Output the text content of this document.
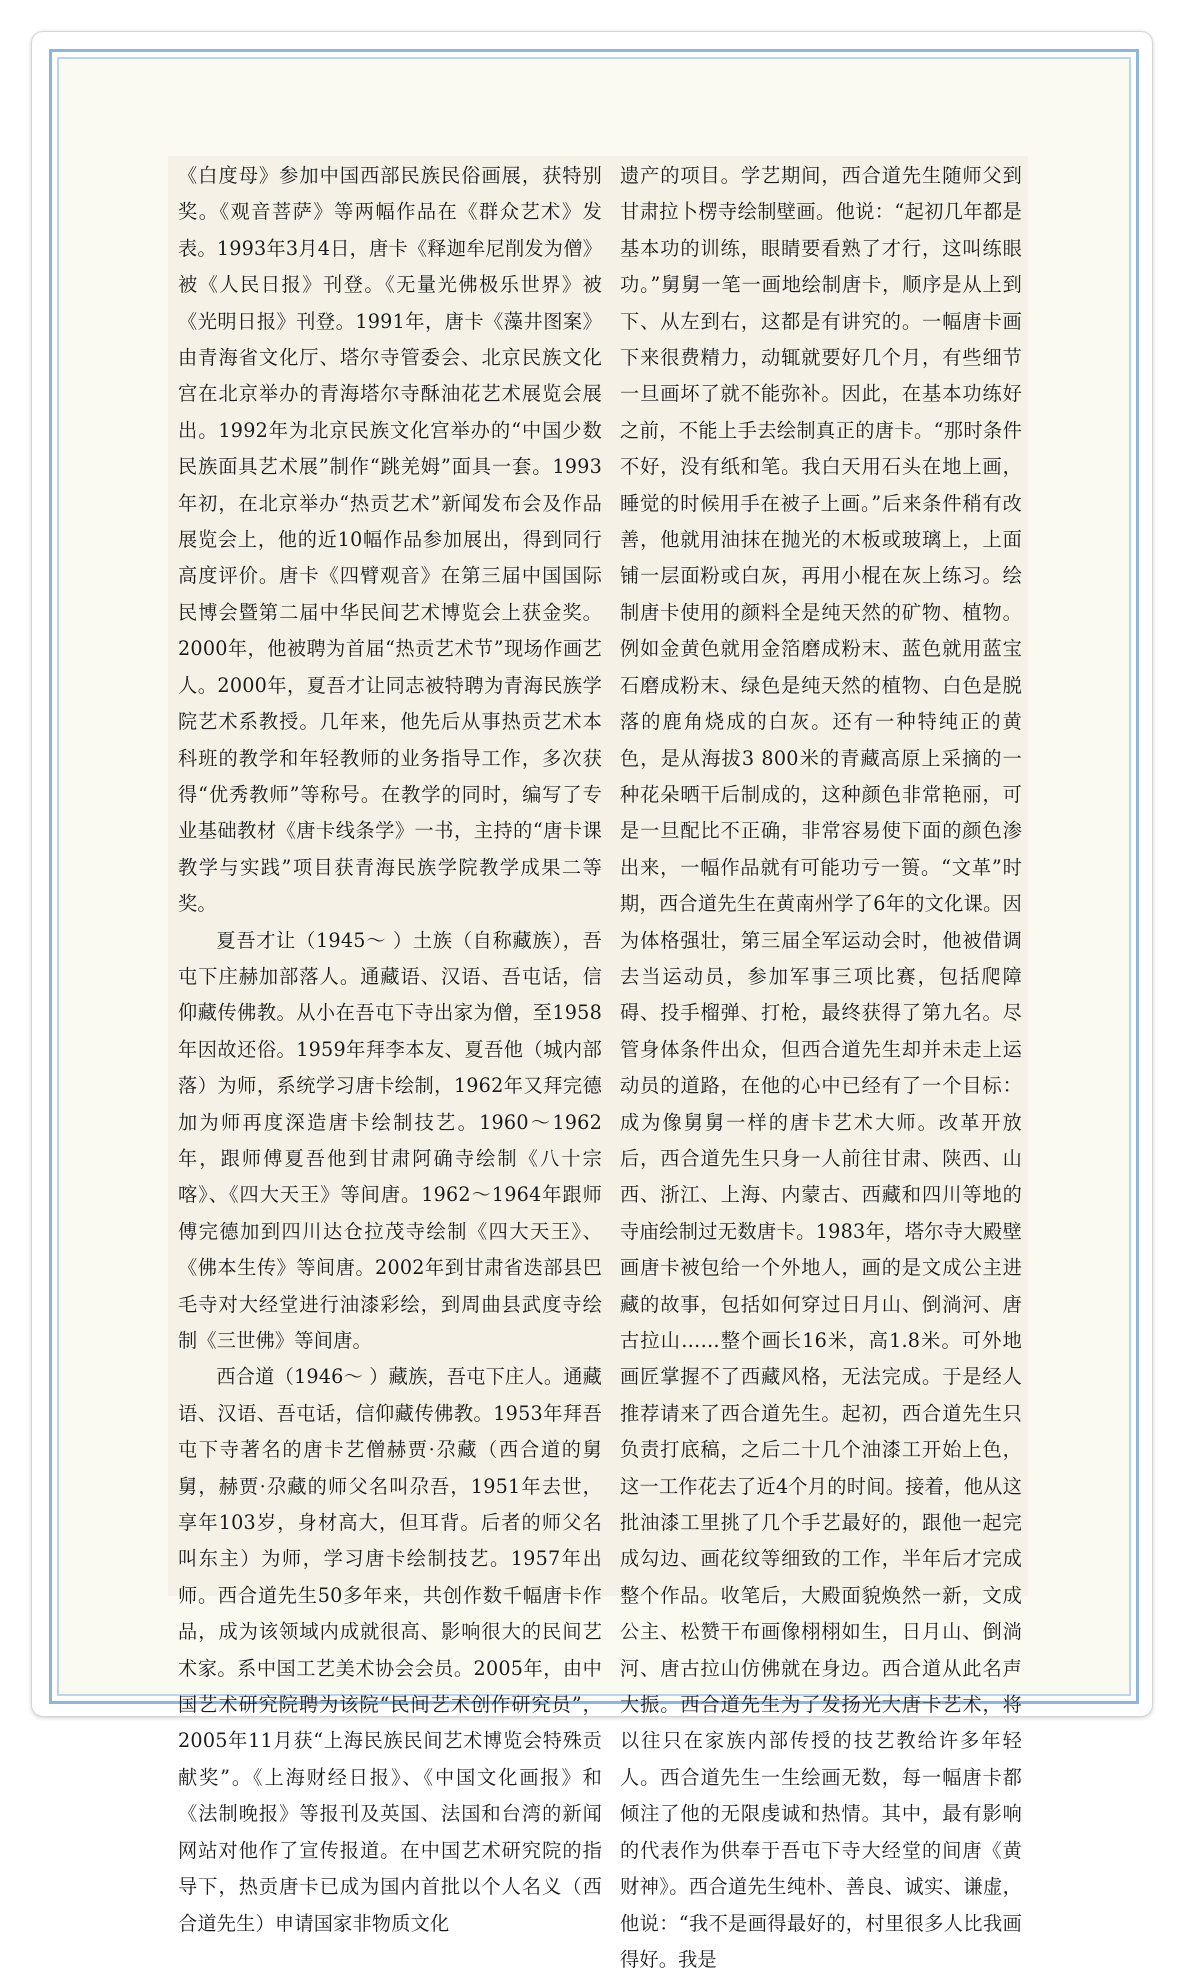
《白度母》参加中国西部民族民俗画展，获特别奖。《观音菩萨》等两幅作品在《群众艺术》发表。1993年3月4日，唐卡《释迦牟尼削发为僧》被《人民日报》刊登。《无量光佛极乐世界》被《光明日报》刊登。1991年，唐卡《藻井图案》由青海省文化厅、塔尔寺管委会、北京民族文化宫在北京举办的青海塔尔寺酥油花艺术展览会展出。1992年为北京民族文化宫举办的“中国少数民族面具艺术展”制作“跳羌姆”面具一套。1993年初，在北京举办“热贡艺术”新闻发布会及作品展览会上，他的近10幅作品参加展出，得到同行高度评价。唐卡《四臂观音》在第三届中国国际民博会暨第二届中华民间艺术博览会上获金奖。2000年，他被聘为首届“热贡艺术节”现场作画艺人。2000年，夏吾才让同志被特聘为青海民族学院艺术系教授。几年来，他先后从事热贡艺术本科班的教学和年轻教师的业务指导工作，多次获得“优秀教师”等称号。在教学的同时，编写了专业基础教材《唐卡线条学》一书，主持的“唐卡课教学与实践”项目获青海民族学院教学成果二等奖。

夏吾才让（1945～ ）土族（自称藏族），吾屯下庄赫加部落人。通藏语、汉语、吾屯话，信仰藏传佛教。从小在吾屯下寺出家为僧，至1958年因故还俗。1959年拜李本友、夏吾他（城内部落）为师，系统学习唐卡绘制，1962年又拜完德加为师再度深造唐卡绘制技艺。1960～1962年，跟师傅夏吾他到甘肃阿确寺绘制《八十宗喀》、《四大天王》等间唐。1962～1964年跟师傅完德加到四川达仓拉茂寺绘制《四大天王》、《佛本生传》等间唐。2002年到甘肃省迭部县巴毛寺对大经堂进行油漆彩绘，到周曲县武度寺绘制《三世佛》等间唐。

西合道（1946～ ）藏族，吾屯下庄人。通藏语、汉语、吾屯话，信仰藏传佛教。1953年拜吾屯下寺著名的唐卡艺僧赫贾·尕藏（西合道的舅舅，赫贾·尕藏的师父名叫尕吾，1951年去世，享年103岁，身材高大，但耳背。后者的师父名叫东主）为师，学习唐卡绘制技艺。1957年出师。西合道先生50多年来，共创作数千幅唐卡作品，成为该领域内成就很高、影响很大的民间艺术家。系中国工艺美术协会会员。2005年，由中国艺术研究院聘为该院“民间艺术创作研究员”，2005年11月获“上海民族民间艺术博览会特殊贡献奖”。《上海财经日报》、《中国文化画报》和《法制晚报》等报刊及英国、法国和台湾的新闻网站对他作了宣传报道。在中国艺术研究院的指导下，热贡唐卡已成为国内首批以个人名义（西合道先生）申请国家非物质文化

遗产的项目。学艺期间，西合道先生随师父到甘肃拉卜楞寺绘制壁画。他说：“起初几年都是基本功的训练，眼睛要看熟了才行，这叫练眼功。”舅舅一笔一画地绘制唐卡，顺序是从上到下、从左到右，这都是有讲究的。一幅唐卡画下来很费精力，动辄就要好几个月，有些细节一旦画坏了就不能弥补。因此，在基本功练好之前，不能上手去绘制真正的唐卡。“那时条件不好，没有纸和笔。我白天用石头在地上画，睡觉的时候用手在被子上画。”后来条件稍有改善，他就用油抹在抛光的木板或玻璃上，上面铺一层面粉或白灰，再用小棍在灰上练习。绘制唐卡使用的颜料全是纯天然的矿物、植物。例如金黄色就用金箔磨成粉末、蓝色就用蓝宝石磨成粉末、绿色是纯天然的植物、白色是脱落的鹿角烧成的白灰。还有一种特纯正的黄色，是从海拔3 800米的青藏高原上采摘的一种花朵晒干后制成的，这种颜色非常艳丽，可是一旦配比不正确，非常容易使下面的颜色渗出来，一幅作品就有可能功亏一篑。“文革”时期，西合道先生在黄南州学了6年的文化课。因为体格强壮，第三届全军运动会时，他被借调去当运动员，参加军事三项比赛，包括爬障碍、投手榴弹、打枪，最终获得了第九名。尽管身体条件出众，但西合道先生却并未走上运动员的道路，在他的心中已经有了一个目标：成为像舅舅一样的唐卡艺术大师。改革开放后，西合道先生只身一人前往甘肃、陕西、山西、浙江、上海、内蒙古、西藏和四川等地的寺庙绘制过无数唐卡。1983年，塔尔寺大殿壁画唐卡被包给一个外地人，画的是文成公主进藏的故事，包括如何穿过日月山、倒淌河、唐古拉山……整个画长16米，高1.8米。可外地画匠掌握不了西藏风格，无法完成。于是经人推荐请来了西合道先生。起初，西合道先生只负责打底稿，之后二十几个油漆工开始上色，这一工作花去了近4个月的时间。接着，他从这批油漆工里挑了几个手艺最好的，跟他一起完成勾边、画花纹等细致的工作，半年后才完成整个作品。收笔后，大殿面貌焕然一新，文成公主、松赞干布画像栩栩如生，日月山、倒淌河、唐古拉山仿佛就在身边。西合道从此名声大振。西合道先生为了发扬光大唐卡艺术，将以往只在家族内部传授的技艺教给许多年轻人。西合道先生一生绘画无数，每一幅唐卡都倾注了他的无限虔诚和热情。其中，最有影响的代表作为供奉于吾屯下寺大经堂的间唐《黄财神》。西合道先生纯朴、善良、诚实、谦虚，他说：“我不是画得最好的，村里很多人比我画得好。我是
